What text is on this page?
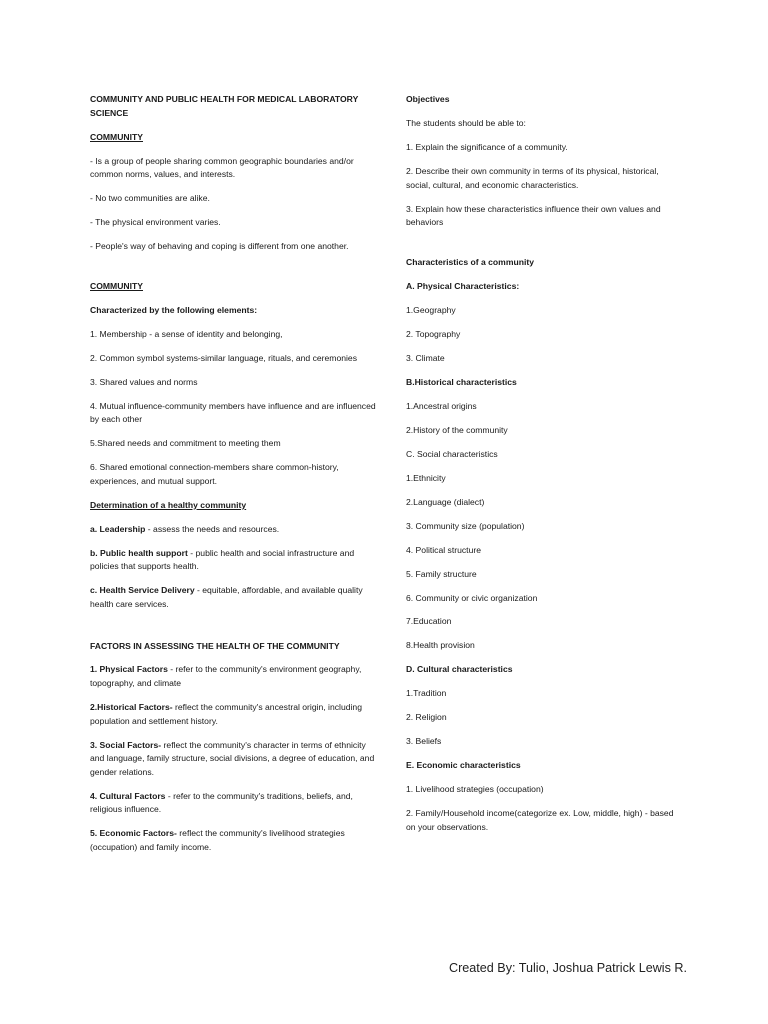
COMMUNITY AND PUBLIC HEALTH FOR MEDICAL LABORATORY SCIENCE

COMMUNITY

- Is a group of people sharing common geographic boundaries and/or common norms, values, and interests.

- No two communities are alike.

- The physical environment varies.

- People's way of behaving and coping is different from one another.

COMMUNITY

Characterized by the following elements:

1. Membership - a sense of identity and belonging,

2. Common symbol systems-similar language, rituals, and ceremonies

3. Shared values and norms

4. Mutual influence-community members have influence and are influenced by each other

5.Shared needs and commitment to meeting them

6. Shared emotional connection-members share common-history, experiences, and mutual support.

Determination of a healthy community

a. Leadership - assess the needs and resources.

b. Public health support - public health and social infrastructure and policies that supports health.

c. Health Service Delivery - equitable, affordable, and available quality health care services.

FACTORS IN ASSESSING THE HEALTH OF THE COMMUNITY

1. Physical Factors - refer to the community's environment geography, topography, and climate

2.Historical Factors- reflect the community's ancestral origin, including population and settlement history.

3. Social Factors- reflect the community's character in terms of ethnicity and language, family structure, social divisions, a degree of education, and gender relations.

4. Cultural Factors - refer to the community's traditions, beliefs, and, religious influence.

5. Economic Factors- reflect the community's livelihood strategies (occupation) and family income.

Objectives

The students should be able to:

1. Explain the significance of a community.

2. Describe their own community in terms of its physical, historical, social, cultural, and economic characteristics.

3. Explain how these characteristics influence their own values and behaviors

Characteristics of a community

A. Physical Characteristics:

1.Geography

2. Topography

3. Climate

B.Historical characteristics

1.Ancestral origins

2.History of the community

C. Social characteristics

1.Ethnicity

2.Language (dialect)

3. Community size (population)

4. Political structure

5. Family structure

6. Community or civic organization

7.Education

8.Health provision

D. Cultural characteristics

1.Tradition

2. Religion

3. Beliefs

E. Economic characteristics

1. Livelihood strategies (occupation)

2. Family/Household income(categorize ex. Low, middle, high) - based on your observations.

Created By: Tulio, Joshua Patrick Lewis R.
